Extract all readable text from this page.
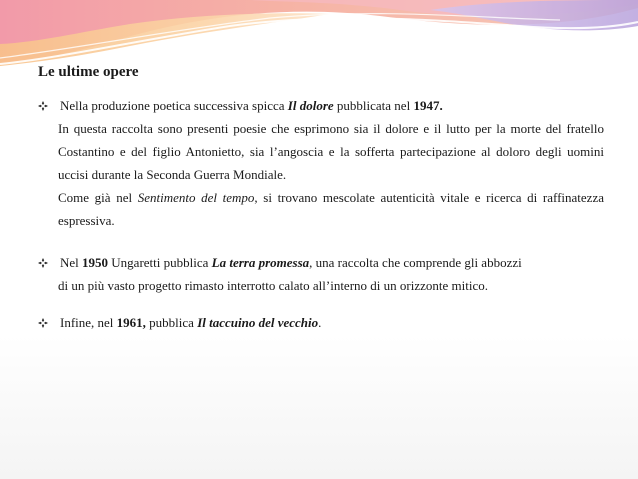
Le ultime opere

Nella produzione poetica successiva spicca Il dolore pubblicata nel 1947.

In questa raccolta sono presenti poesie che esprimono sia il dolore e il lutto per la morte del fratello Costantino e del figlio Antonietto, sia l’angoscia e la sofferta partecipazione al doloro degli uomini uccisi durante la Seconda Guerra Mondiale.

Come già nel Sentimento del tempo, si trovano mescolate autenticità vitale e ricerca di raffinatezza espressiva.

Nel 1950 Ungaretti pubblica La terra promessa, una raccolta che comprende gli abbozzi

di un più vasto progetto rimasto interrotto calato all’interno di un orizzonte mitico.

Infine, nel 1961, pubblica Il taccuino del vecchio.
